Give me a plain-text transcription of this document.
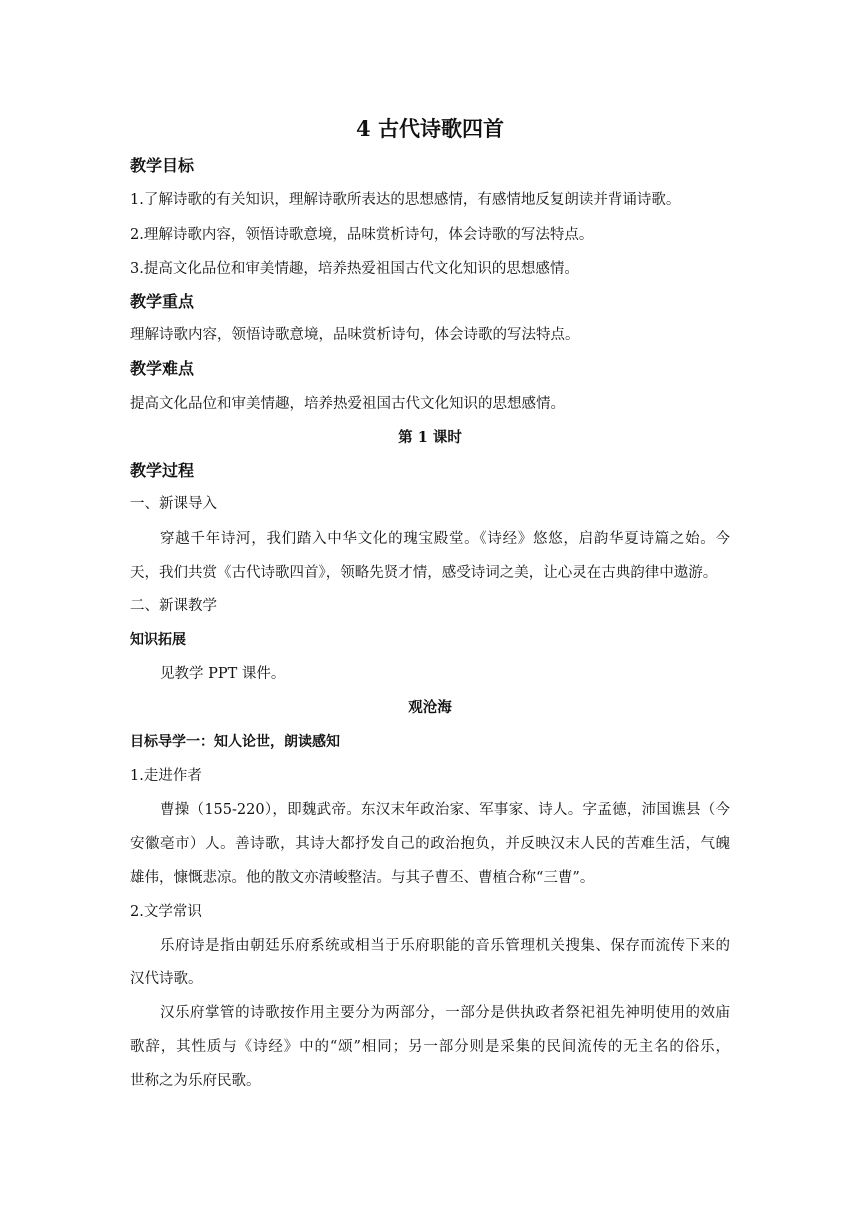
4 古代诗歌四首
教学目标
1.了解诗歌的有关知识，理解诗歌所表达的思想感情，有感情地反复朗读并背诵诗歌。
2.理解诗歌内容，领悟诗歌意境，品味赏析诗句，体会诗歌的写法特点。
3.提高文化品位和审美情趣，培养热爱祖国古代文化知识的思想感情。
教学重点
理解诗歌内容，领悟诗歌意境，品味赏析诗句，体会诗歌的写法特点。
教学难点
提高文化品位和审美情趣，培养热爱祖国古代文化知识的思想感情。
第 1 课时
教学过程
一、新课导入
穿越千年诗河，我们踏入中华文化的瑰宝殿堂。《诗经》悠悠，启韵华夏诗篇之始。今
天，我们共赏《古代诗歌四首》，领略先贤才情，感受诗词之美，让心灵在古典韵律中遨游。
二、新课教学
知识拓展
见教学 PPT 课件。
观沧海
目标导学一：知人论世，朗读感知
1.走进作者
曹操（155-220），即魏武帝。东汉末年政治家、军事家、诗人。字孟德，沛国谯县（今
安徽亳市）人。善诗歌，其诗大都抒发自己的政治抱负，并反映汉末人民的苦难生活，气魄
雄伟，慷慨悲凉。他的散文亦清峻整洁。与其子曹丕、曹植合称“三曹”。
2.文学常识
乐府诗是指由朝廷乐府系统或相当于乐府职能的音乐管理机关搜集、保存而流传下来的
汉代诗歌。
汉乐府掌管的诗歌按作用主要分为两部分，一部分是供执政者祭祀祖先神明使用的效庙
歌辞，其性质与《诗经》中的“颂”相同；另一部分则是采集的民间流传的无主名的俗乐，
世称之为乐府民歌。
